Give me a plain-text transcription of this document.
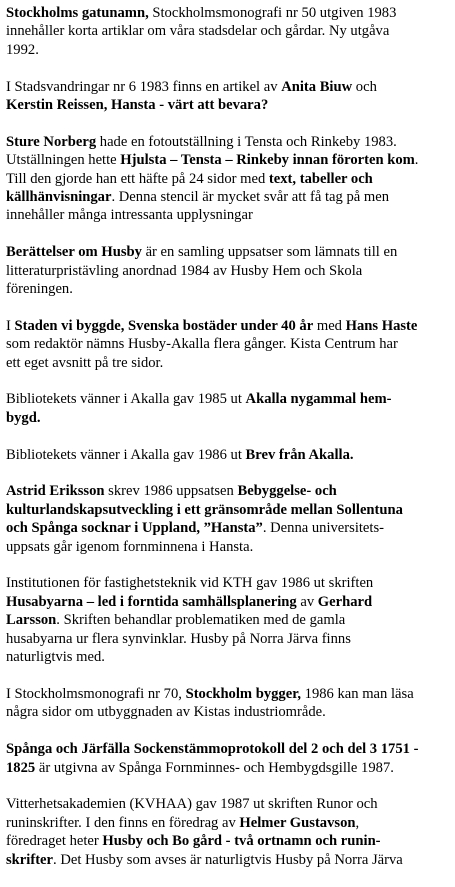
Stockholms gatunamn, Stockholmsmonografi nr 50 utgiven 1983
innehåller korta artiklar om våra stadsdelar och gårdar. Ny utgåva
1992.

I Stadsvandringar nr 6 1983 finns en artikel av Anita Biuw och
Kerstin Reissen, Hansta - värt att bevara?

Sture Norberg hade en fotoutställning i Tensta och Rinkeby 1983.
Utställningen hette Hjulsta – Tensta – Rinkeby innan förorten kom.
Till den gjorde han ett häfte på 24 sidor med text, tabeller och
källhänvisningar. Denna stencil är mycket svår att få tag på men
innehåller många intressanta upplysningar

Berättelser om Husby är en samling uppsatser som lämnats till en
litteraturpristävling anordnad 1984 av Husby Hem och Skola
föreningen.

I Staden vi byggde, Svenska bostäder under 40 år med Hans Haste
som redaktör nämns Husby-Akalla flera gånger. Kista Centrum har
ett eget avsnitt på tre sidor.

Bibliotekets vänner i Akalla gav 1985 ut Akalla nygammal hem-
bygd.

Bibliotekets vänner i Akalla gav 1986 ut Brev från Akalla.

Astrid Eriksson skrev 1986 uppsatsen Bebyggelse- och
kulturlandskapsutveckling i ett gränsområde mellan Sollentuna
och Spånga socknar i Uppland, ”Hansta”. Denna universitets-
uppsats går igenom fornminnena i Hansta.

Institutionen för fastighetsteknik vid KTH gav 1986 ut skriften
Husabyarna – led i forntida samhällsplanering av Gerhard
Larsson. Skriften behandlar problematiken med de gamla
husabyarna ur flera synvinklar. Husby på Norra Järva finns
naturligtvis med.

I Stockholmsmonografi nr 70, Stockholm bygger, 1986 kan man läsa
några sidor om utbyggnaden av Kistas industriområde.

Spånga och Järfälla Sockenstämmoprotokoll del 2 och del 3 1751 -
1825 är utgivna av Spånga Fornminnes- och Hembygdsgille 1987.

Vitterhetsakademien (KVHAA) gav 1987 ut skriften Runor och
runinskrifter. I den finns en föredrag av Helmer Gustavson,
föredraget heter Husby och Bo gård - två ortnamn och runin-
skrifter. Det Husby som avses är naturligtvis Husby på Norra Järva
